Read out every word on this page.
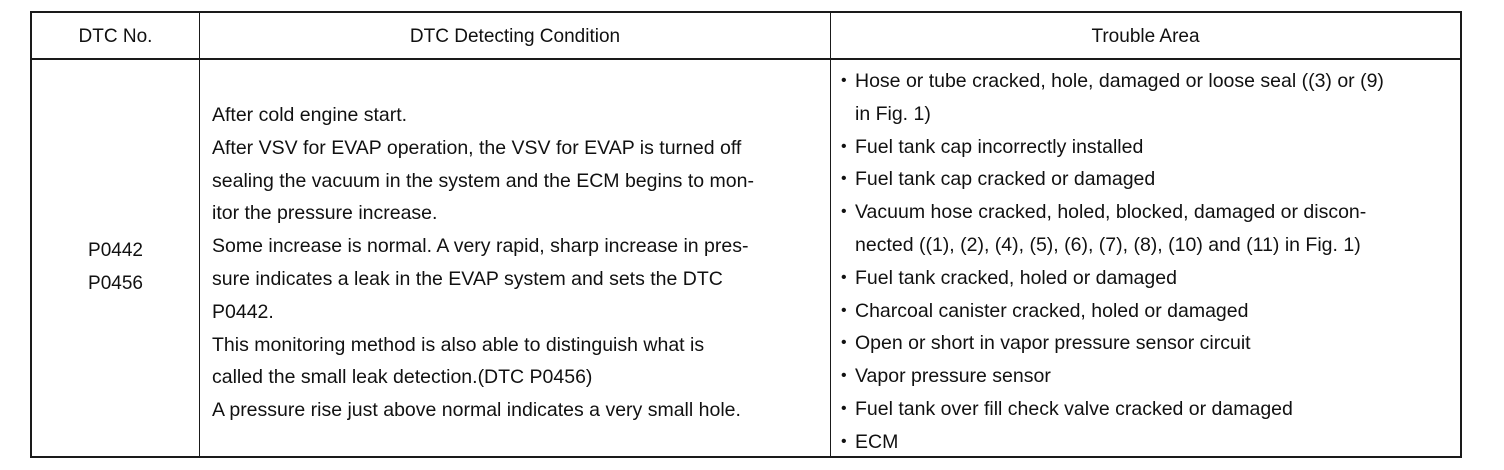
DTC No.	DTC Detecting Condition	Trouble Area
P0442
P0456
After cold engine start.
After VSV for EVAP operation, the VSV for EVAP is turned off
sealing the vacuum in the system and the ECM begins to mon-
itor the pressure increase.
Some increase is normal. A very rapid, sharp increase in pres-
sure indicates a leak in the EVAP system and sets the DTC
P0442.
This monitoring method is also able to distinguish what is
called the small leak detection.(DTC P0456)
A pressure rise just above normal indicates a very small hole.
• Hose or tube cracked, hole, damaged or loose seal ((3) or (9)
in Fig. 1)
• Fuel tank cap incorrectly installed
• Fuel tank cap cracked or damaged
• Vacuum hose cracked, holed, blocked, damaged or discon-
nected ((1), (2), (4), (5), (6), (7), (8), (10) and (11) in Fig. 1)
• Fuel tank cracked, holed or damaged
• Charcoal canister cracked, holed or damaged
• Open or short in vapor pressure sensor circuit
• Vapor pressure sensor
• Fuel tank over fill check valve cracked or damaged
• ECM
